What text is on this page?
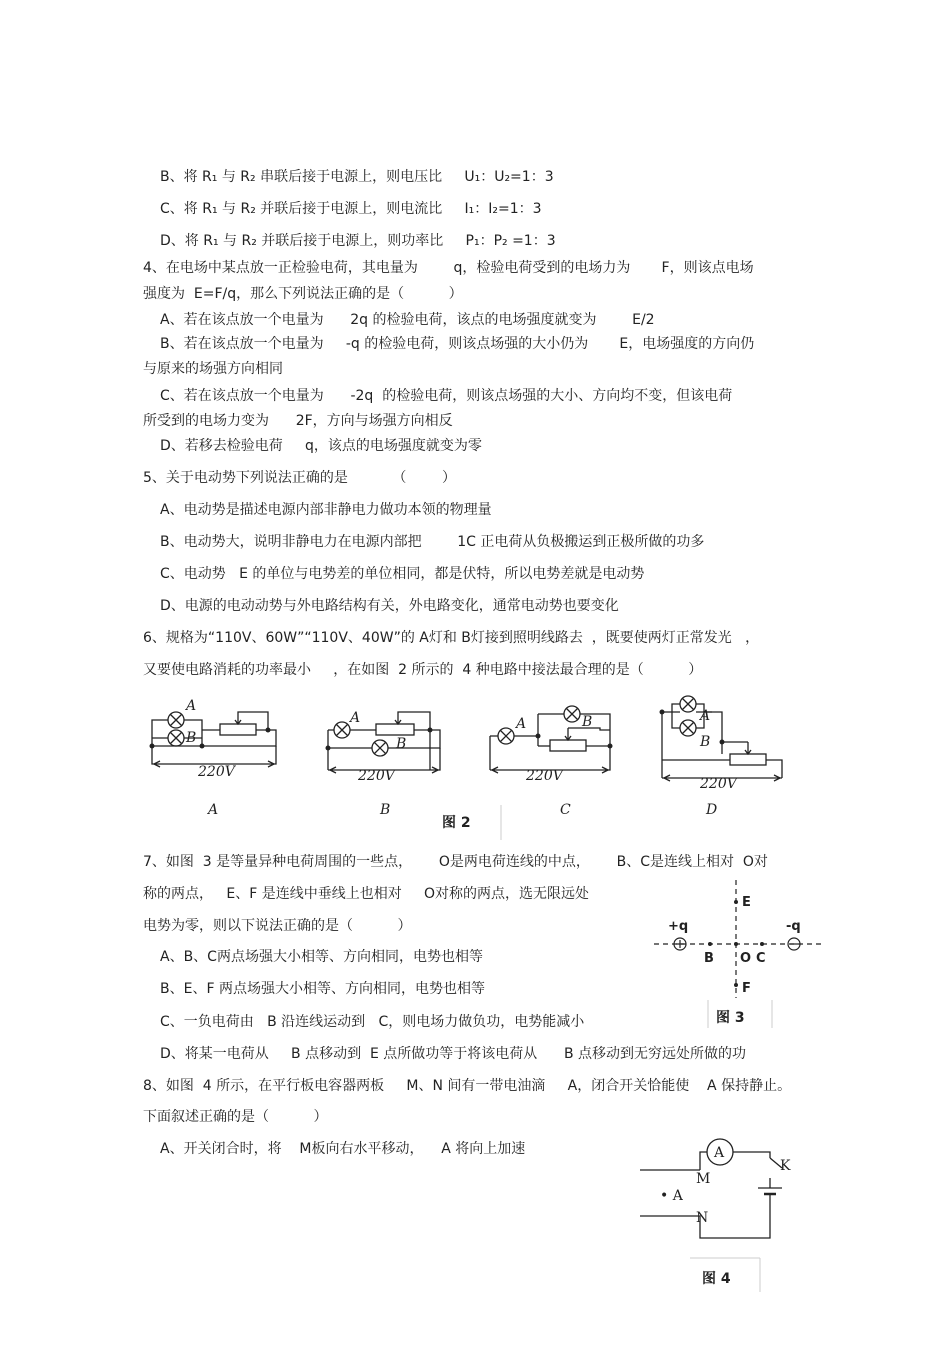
B、将 R₁ 与 R₂ 串联后接于电源上，则电压比     U₁：U₂=1：3
C、将 R₁ 与 R₂ 并联后接于电源上，则电流比     I₁：I₂=1：3
D、将 R₁ 与 R₂ 并联后接于电源上，则功率比     P₁：P₂ =1：3
4、在电场中某点放一正检验电荷，其电量为        q，检验电荷受到的电场力为       F，则该点电场
强度为  E=F/q，那么下列说法正确的是（          ）
A、若在该点放一个电量为      2q 的检验电荷，该点的电场强度就变为        E/2
B、若在该点放一个电量为     -q 的检验电荷，则该点场强的大小仍为       E，电场强度的方向仍
与原来的场强方向相同
C、若在该点放一个电量为      -2q  的检验电荷，则该点场强的大小、方向均不变，但该电荷
所受到的电场力变为      2F，方向与场强方向相反
D、若移去检验电荷     q，该点的电场强度就变为零
5、关于电动势下列说法正确的是          （        ）
A、电动势是描述电源内部非静电力做功本领的物理量
B、电动势大，说明非静电力在电源内部把        1C 正电荷从负极搬运到正极所做的功多
C、电动势   E 的单位与电势差的单位相同，都是伏特，所以电势差就是电动势
D、电源的电动动势与外电路结构有关，外电路变化，通常电动势也要变化
6、规格为“110V、60W”“110V、40W”的 A灯和 B灯接到照明线路去  ，既要使两灯正常发光   ，
又要使电路消耗的功率最小     ，在如图  2 所示的  4 种电路中接法最合理的是（          ）
7、如图  3 是等量异种电荷周围的一些点，      O是两电荷连线的中点，      B、C是连线上相对  O对
称的两点，   E、F 是连线中垂线上也相对     O对称的两点，选无限远处
电势为零，则以下说法正确的是（          ）
A、B、C两点场强大小相等、方向相同，电势也相等
B、E、F 两点场强大小相等、方向相同，电势也相等
C、一负电荷由   B 沿连线运动到   C，则电场力做负功，电势能减小
D、将某一电荷从     B 点移动到  E 点所做功等于将该电荷从      B 点移动到无穷远处所做的功
8、如图  4 所示，在平行板电容器两板     M、N 间有一带电油滴     A，闭合开关恰能使    A 保持静止。
下面叙述正确的是（          ）
A、开关闭合时，将    M板向右水平移动，    A 将向上加速
A
B
A
B
A	B	A
B
220V	220V	220V	220V
A	B	C	D
图 2
+q	-q
E
F
B O C
图 3
A
M
N
K
• A
图 4
